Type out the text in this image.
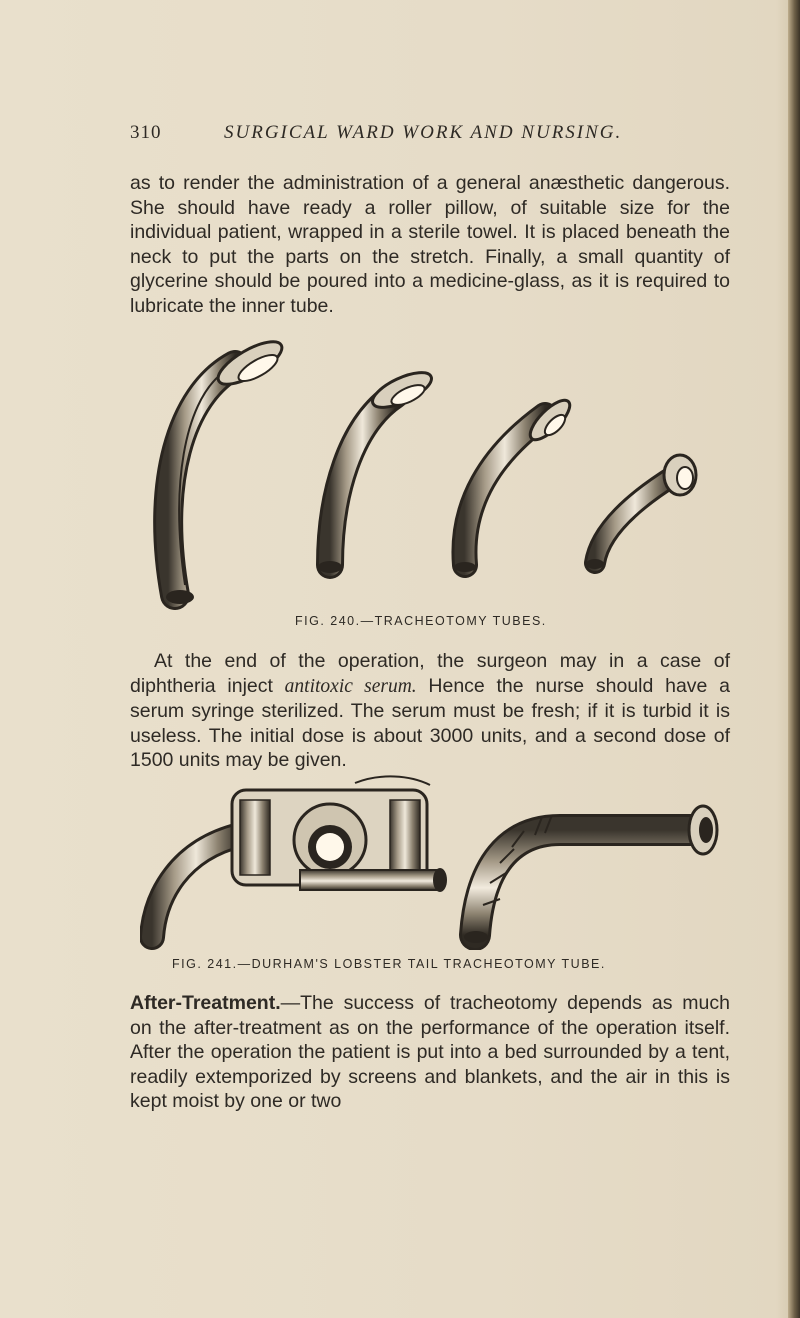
310	SURGICAL WARD WORK AND NURSING.

as to render the administration of a general anæsthetic dangerous. She should have ready a roller pillow, of suitable size for the individual patient, wrapped in a sterile towel. It is placed beneath the neck to put the parts on the stretch. Finally, a small quantity of glycerine should be poured into a medicine-glass, as it is required to lubricate the inner tube.

FIG. 240.—TRACHEOTOMY TUBES.

At the end of the operation, the surgeon may in a case of diphtheria inject antitoxic serum. Hence the nurse should have a serum syringe sterilized. The serum must be fresh; if it is turbid it is useless. The initial dose is about 3000 units, and a second dose of 1500 units may be given.

FIG. 241.—DURHAM'S LOBSTER TAIL TRACHEOTOMY TUBE.

After-Treatment.—The success of tracheotomy depends as much on the after-treatment as on the performance of the operation itself. After the operation the patient is put into a bed surrounded by a tent, readily extemporized by screens and blankets, and the air in this is kept moist by one or two
